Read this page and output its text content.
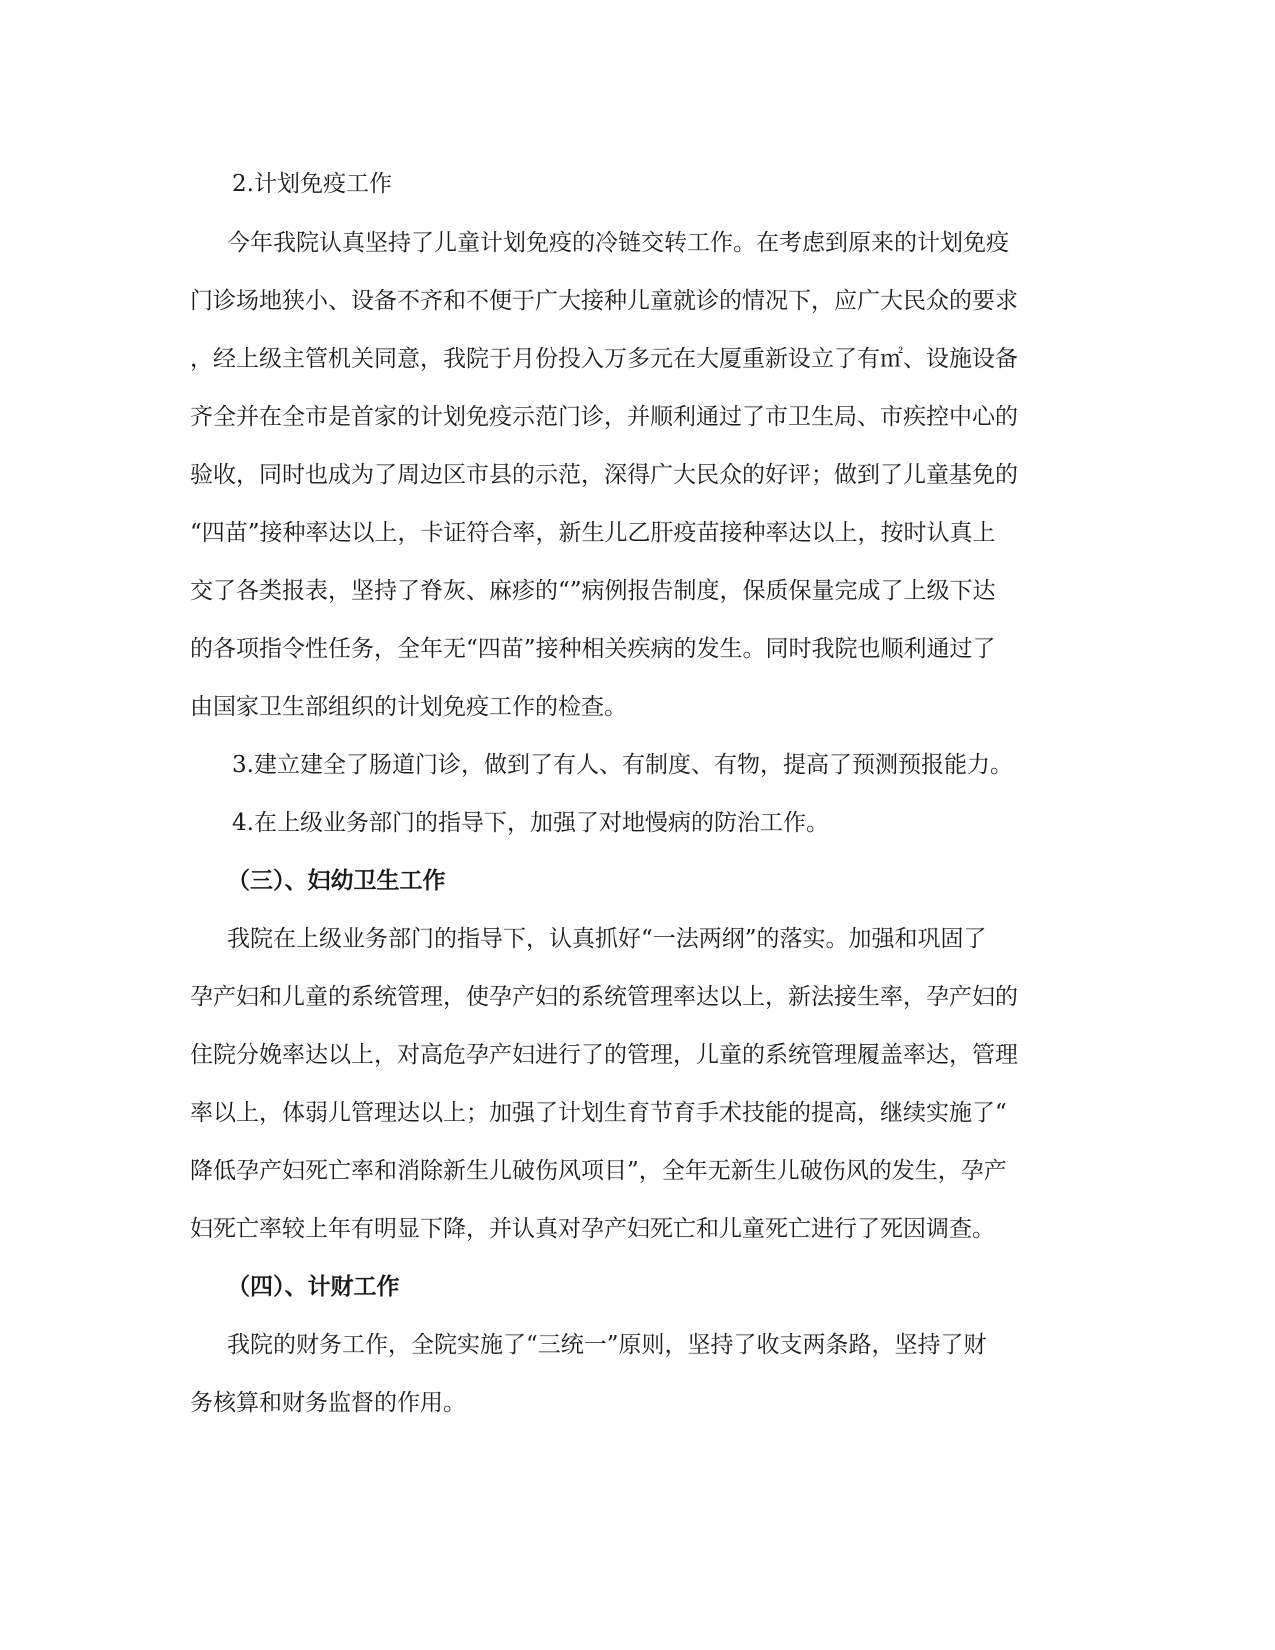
2.计划免疫工作
今年我院认真坚持了儿童计划免疫的冷链交转工作。在考虑到原来的计划免疫
门诊场地狭小、设备不齐和不便于广大接种儿童就诊的情况下，应广大民众的要求
，经上级主管机关同意，我院于月份投入万多元在大厦重新设立了有㎡、设施设备
齐全并在全市是首家的计划免疫示范门诊，并顺利通过了市卫生局、市疾控中心的
验收，同时也成为了周边区市县的示范，深得广大民众的好评；做到了儿童基免的
“四苗”接种率达以上，卡证符合率，新生儿乙肝疫苗接种率达以上，按时认真上
交了各类报表，坚持了脊灰、麻疹的“”病例报告制度，保质保量完成了上级下达
的各项指令性任务，全年无“四苗”接种相关疾病的发生。同时我院也顺利通过了
由国家卫生部组织的计划免疫工作的检查。
3.建立建全了肠道门诊，做到了有人、有制度、有物，提高了预测预报能力。
4.在上级业务部门的指导下，加强了对地慢病的防治工作。
（三）、妇幼卫生工作
我院在上级业务部门的指导下，认真抓好“一法两纲”的落实。加强和巩固了
孕产妇和儿童的系统管理，使孕产妇的系统管理率达以上，新法接生率，孕产妇的
住院分娩率达以上，对高危孕产妇进行了的管理，儿童的系统管理履盖率达，管理
率以上，体弱儿管理达以上；加强了计划生育节育手术技能的提高，继续实施了“
降低孕产妇死亡率和消除新生儿破伤风项目”，全年无新生儿破伤风的发生，孕产
妇死亡率较上年有明显下降，并认真对孕产妇死亡和儿童死亡进行了死因调查。
（四）、计财工作
我院的财务工作，全院实施了“三统一”原则，坚持了收支两条路，坚持了财
务核算和财务监督的作用。
